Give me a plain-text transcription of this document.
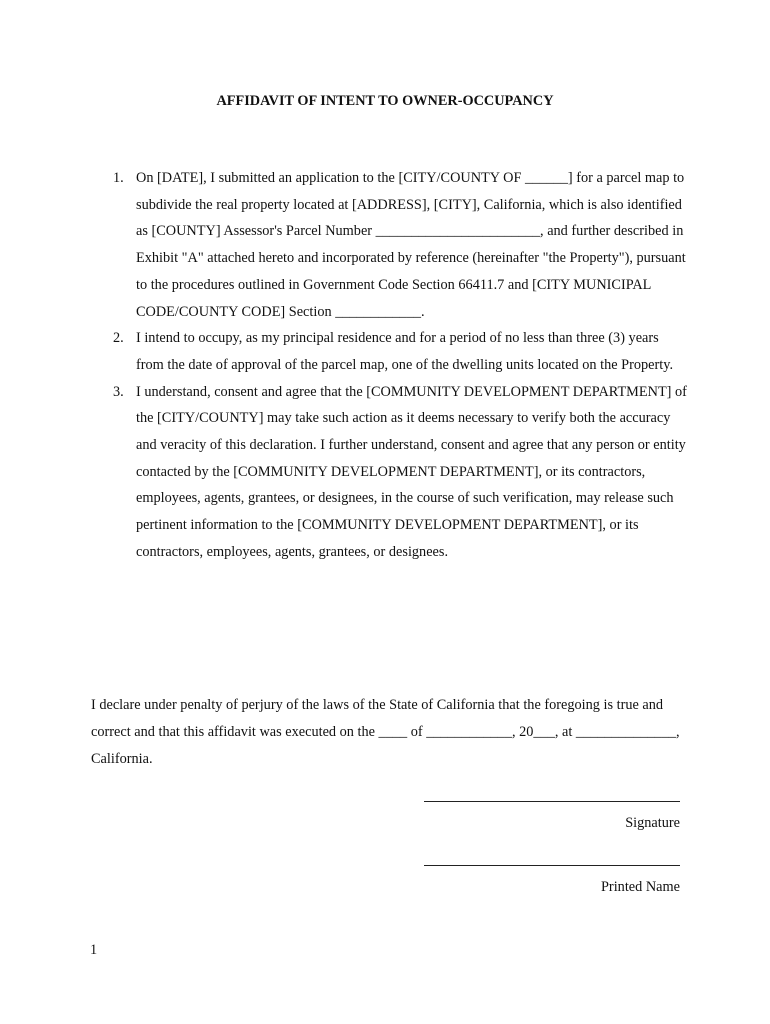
AFFIDAVIT OF INTENT TO OWNER-OCCUPANCY
1. On [DATE], I submitted an application to the [CITY/COUNTY OF ______] for a parcel map to subdivide the real property located at [ADDRESS], [CITY], California, which is also identified as [COUNTY] Assessor's Parcel Number _______________________, and further described in Exhibit "A" attached hereto and incorporated by reference (hereinafter "the Property"), pursuant to the procedures outlined in Government Code Section 66411.7 and [CITY MUNICIPAL CODE/COUNTY CODE] Section ____________.
2. I intend to occupy, as my principal residence and for a period of no less than three (3) years from the date of approval of the parcel map, one of the dwelling units located on the Property.
3. I understand, consent and agree that the [COMMUNITY DEVELOPMENT DEPARTMENT] of the [CITY/COUNTY] may take such action as it deems necessary to verify both the accuracy and veracity of this declaration. I further understand, consent and agree that any person or entity contacted by the [COMMUNITY DEVELOPMENT DEPARTMENT], or its contractors, employees, agents, grantees, or designees, in the course of such verification, may release such pertinent information to the [COMMUNITY DEVELOPMENT DEPARTMENT], or its contractors, employees, agents, grantees, or designees.
I declare under penalty of perjury of the laws of the State of California that the foregoing is true and correct and that this affidavit was executed on the ____ of ____________, 20___, at ______________, California.
Signature
Printed Name
1
